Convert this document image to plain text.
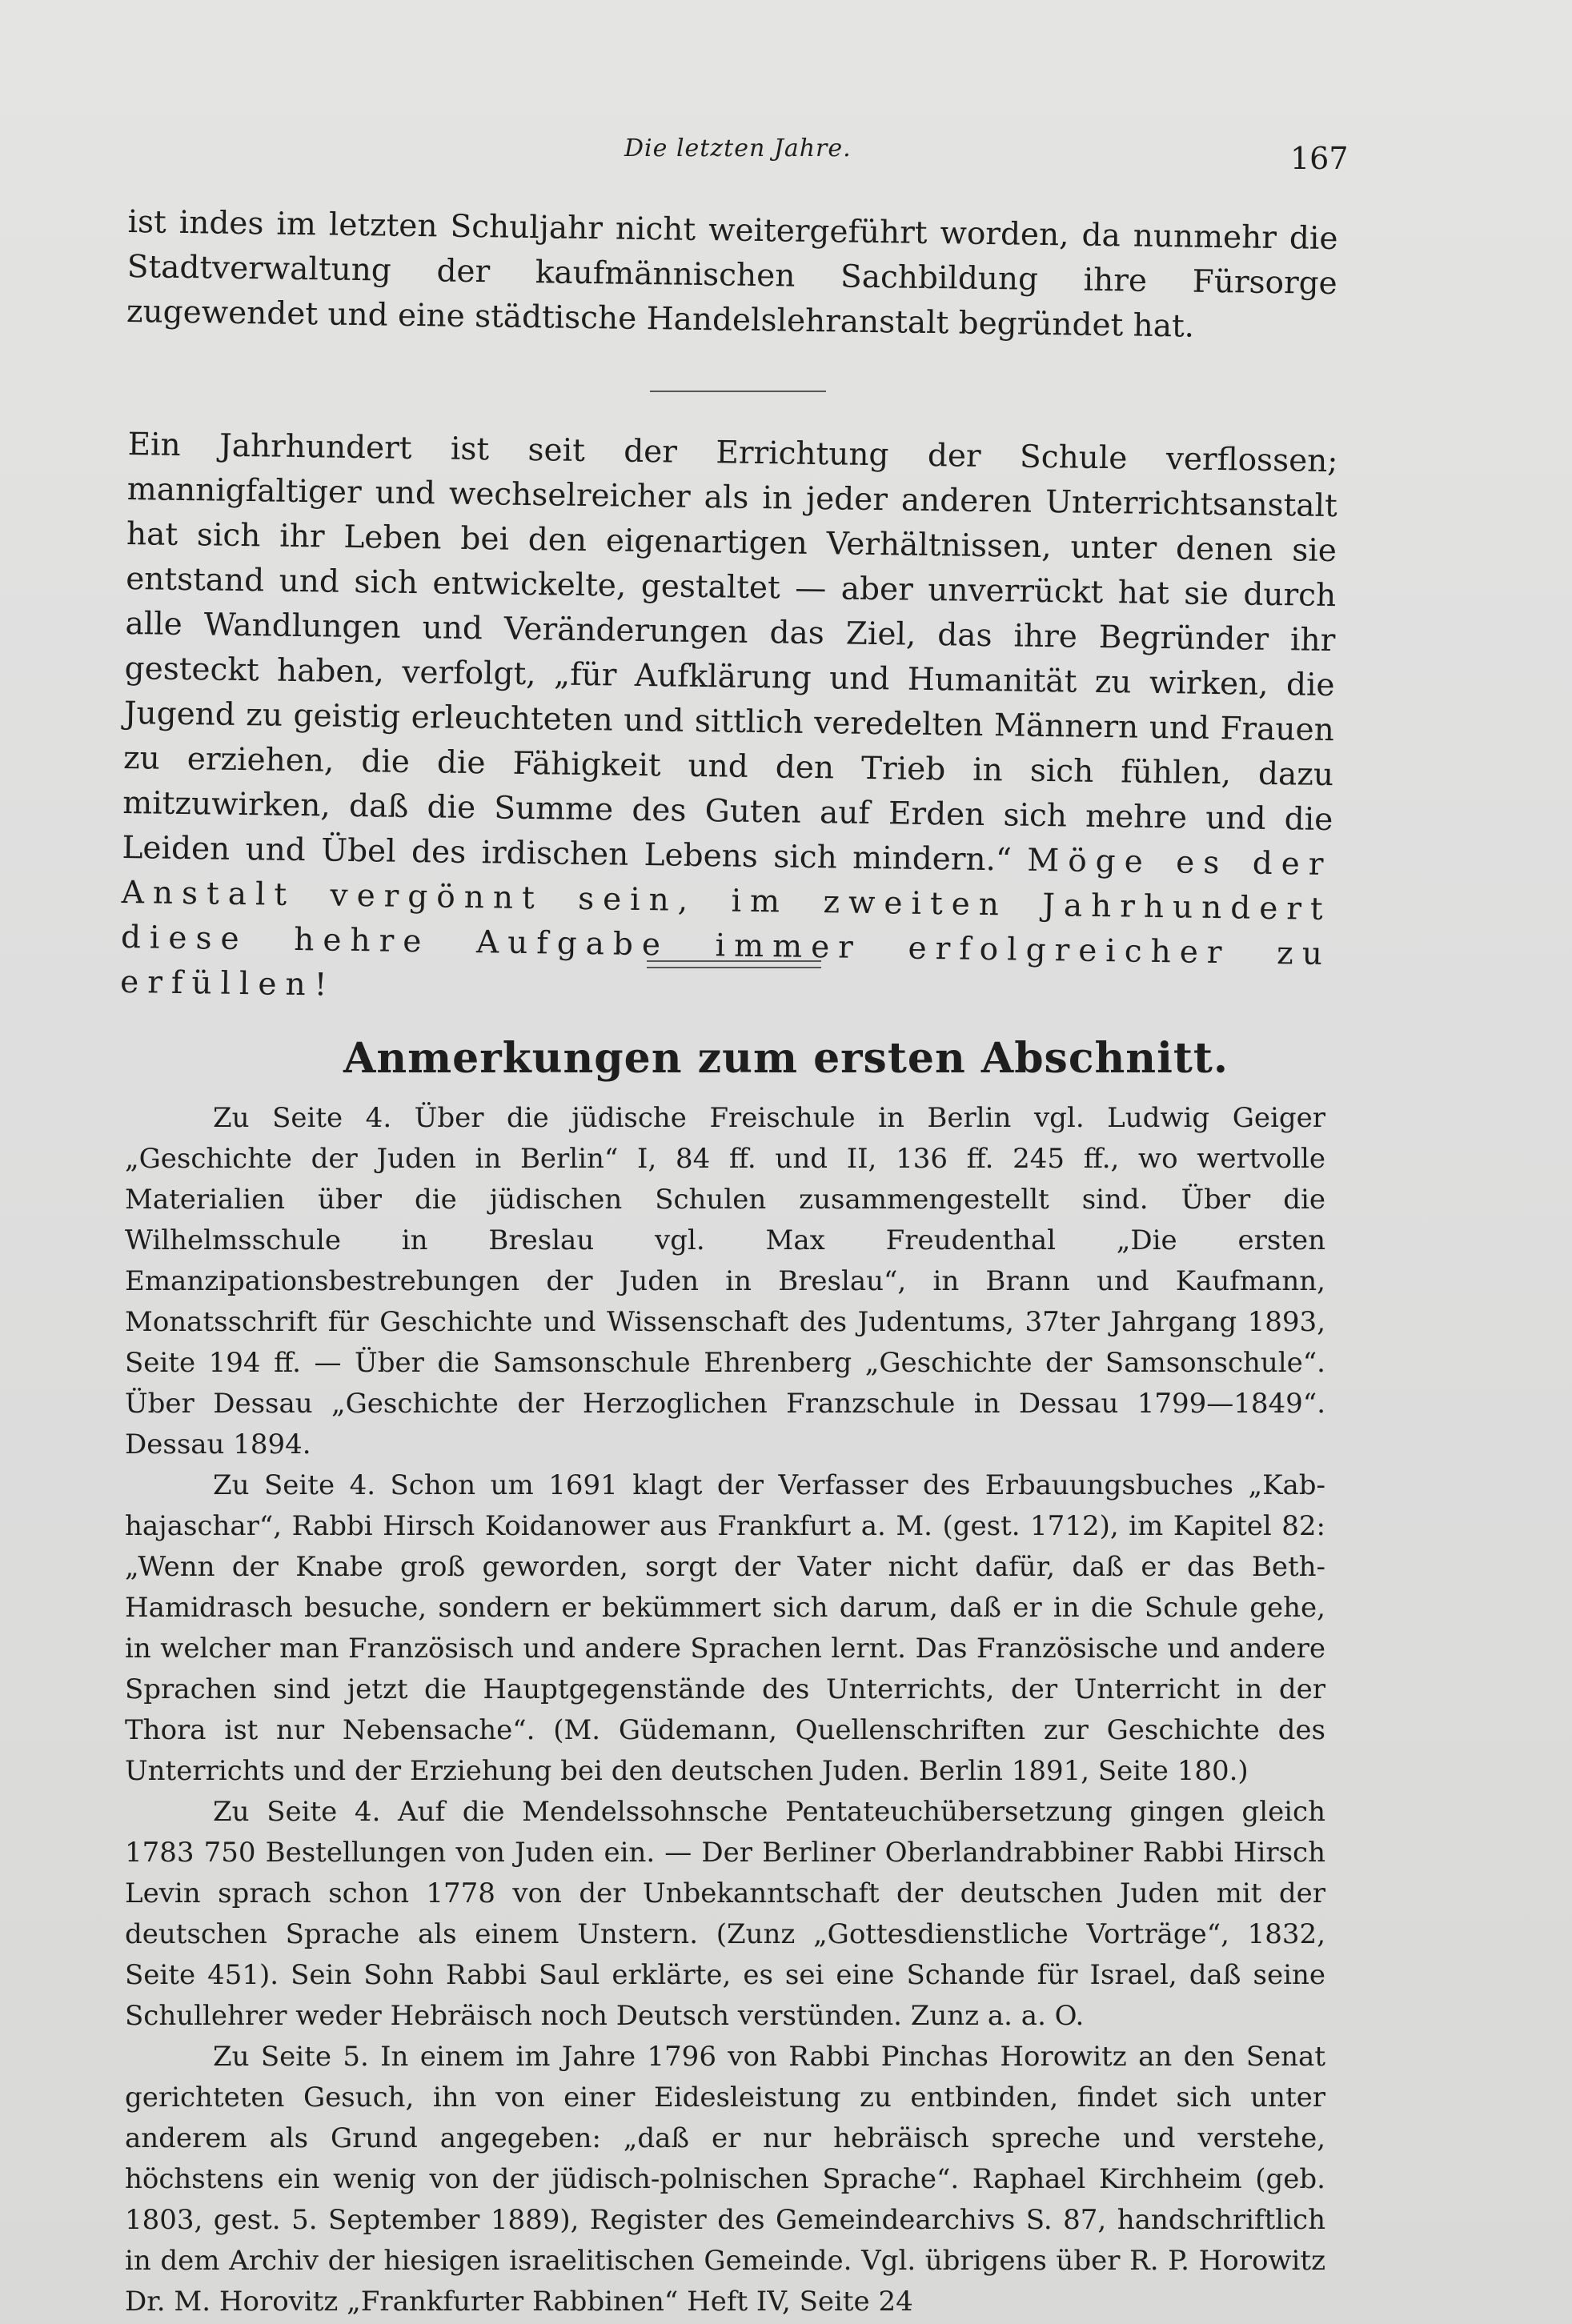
Die letzten Jahre.	167

ist indes im letzten Schuljahr nicht weitergeführt worden, da nunmehr die Stadtverwaltung der kaufmännischen Sachbildung ihre Fürsorge zugewendet und eine städtische Handelslehranstalt begründet hat.

Ein Jahrhundert ist seit der Errichtung der Schule verflossen; mannigfaltiger und wechselreicher als in jeder anderen Unterrichtsanstalt hat sich ihr Leben bei den eigenartigen Verhältnissen, unter denen sie entstand und sich entwickelte, gestaltet — aber unverrückt hat sie durch alle Wandlungen und Veränderungen das Ziel, das ihre Begründer ihr gesteckt haben, verfolgt, „für Aufklärung und Humanität zu wirken, die Jugend zu geistig erleuchteten und sittlich veredelten Männern und Frauen zu erziehen, die die Fähigkeit und den Trieb in sich fühlen, dazu mitzuwirken, daß die Summe des Guten auf Erden sich mehre und die Leiden und Übel des irdischen Lebens sich mindern.“ Möge es der Anstalt vergönnt sein, im zweiten Jahrhundert diese hehre Aufgabe immer erfolgreicher zu erfüllen!

Anmerkungen zum ersten Abschnitt.

Zu Seite 4. Über die jüdische Freischule in Berlin vgl. Ludwig Geiger „Geschichte der Juden in Berlin“ I, 84 ff. und II, 136 ff. 245 ff., wo wertvolle Materialien über die jüdischen Schulen zusammengestellt sind. Über die Wilhelmsschule in Breslau vgl. Max Freudenthal „Die ersten Emanzipationsbestrebungen der Juden in Breslau“, in Brann und Kaufmann, Monatsschrift für Geschichte und Wissenschaft des Judentums, 37ter Jahrgang 1893, Seite 194 ff. — Über die Samsonschule Ehrenberg „Geschichte der Samsonschule“. Über Dessau „Geschichte der Herzoglichen Franzschule in Dessau 1799—1849“. Dessau 1894.

Zu Seite 4. Schon um 1691 klagt der Verfasser des Erbauungsbuches „Kab-hajaschar“, Rabbi Hirsch Koidanower aus Frankfurt a. M. (gest. 1712), im Kapitel 82: „Wenn der Knabe groß geworden, sorgt der Vater nicht dafür, daß er das Beth-Hamidrasch besuche, sondern er bekümmert sich darum, daß er in die Schule gehe, in welcher man Französisch und andere Sprachen lernt. Das Französische und andere Sprachen sind jetzt die Hauptgegenstände des Unterrichts, der Unterricht in der Thora ist nur Nebensache“. (M. Güdemann, Quellenschriften zur Geschichte des Unterrichts und der Erziehung bei den deutschen Juden. Berlin 1891, Seite 180.)

Zu Seite 4. Auf die Mendelssohnsche Pentateuchübersetzung gingen gleich 1783 750 Bestellungen von Juden ein. — Der Berliner Oberlandrabbiner Rabbi Hirsch Levin sprach schon 1778 von der Unbekanntschaft der deutschen Juden mit der deutschen Sprache als einem Unstern. (Zunz „Gottesdienstliche Vorträge“, 1832, Seite 451). Sein Sohn Rabbi Saul erklärte, es sei eine Schande für Israel, daß seine Schullehrer weder Hebräisch noch Deutsch verstünden. Zunz a. a. O.

Zu Seite 5. In einem im Jahre 1796 von Rabbi Pinchas Horowitz an den Senat gerichteten Gesuch, ihn von einer Eidesleistung zu entbinden, findet sich unter anderem als Grund angegeben: „daß er nur hebräisch spreche und verstehe, höchstens ein wenig von der jüdisch-polnischen Sprache“. Raphael Kirchheim (geb. 1803, gest. 5. September 1889), Register des Gemeindearchivs S. 87, handschriftlich in dem Archiv der hiesigen israelitischen Gemeinde. Vgl. übrigens über R. P. Horowitz Dr. M. Horovitz „Frankfurter Rabbinen“ Heft IV, Seite 24
